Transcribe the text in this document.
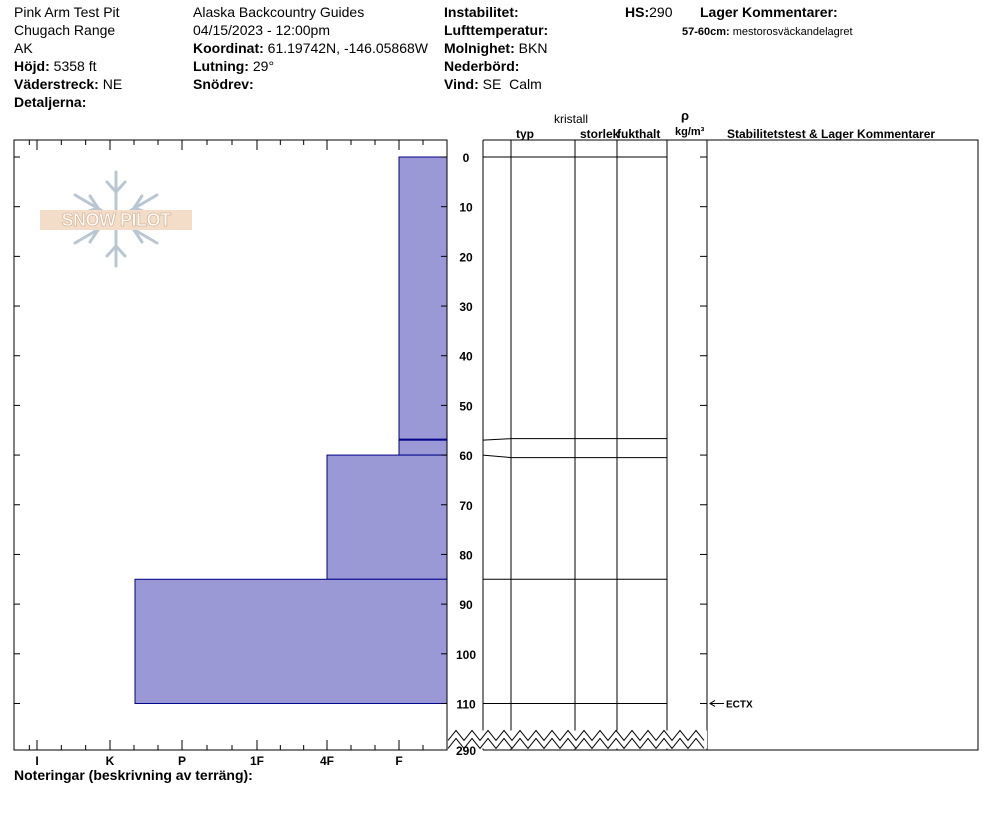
Pink Arm Test Pit
Chugach Range
AK
Höjd: 5358 ft
Väderstreck: NE
Detaljerna:
Alaska Backcountry Guides
04/15/2023 - 12:00pm
Koordinat: 61.19742N, -146.05868W
Lutning: 29°
Snödrev:
Instabilitet:
Lufttemperatur:
Molnighet: BKN
Nederbörd:
Vind: SE  Calm
HS:290 Lager Kommentarer:
57-60cm: mestorosväckandelagret
kristall
typ	storlek
fukthalt
ρ
kg/m³ Stabilitetstest & Lager Kommentarer
Noteringar (beskrivning av terräng):
SNOW PILOT
I	K	P	1F	4F	F
0
10
20
30
40
50
60
70
80
90
100
110
290
ECTX
